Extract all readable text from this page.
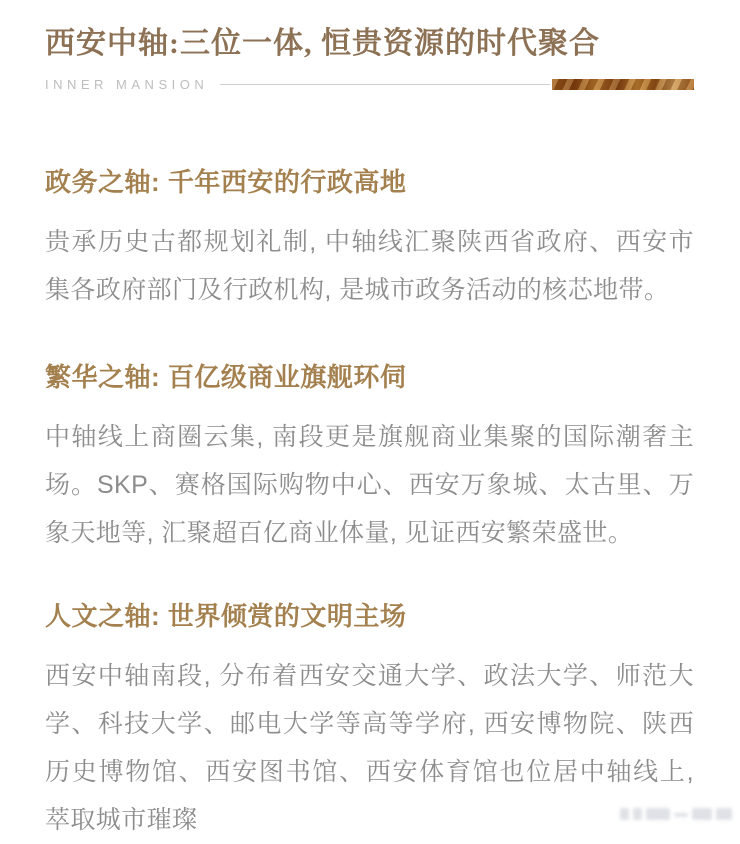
西安中轴:三位一体, 恒贵资源的时代聚合
INNER MANSION
政务之轴: 千年西安的行政高地

贵承历史古都规划礼制, 中轴线汇聚陕西省政府、西安市集各政府部门及行政机构, 是城市政务活动的核芯地带。

繁华之轴: 百亿级商业旗舰环伺

中轴线上商圈云集, 南段更是旗舰商业集聚的国际潮奢主场。SKP、赛格国际购物中心、西安万象城、太古里、万象天地等, 汇聚超百亿商业体量, 见证西安繁荣盛世。

人文之轴: 世界倾赏的文明主场

西安中轴南段, 分布着西安交通大学、政法大学、师范大学、科技大学、邮电大学等高等学府, 西安博物院、陕西历史博物馆、西安图书馆、西安体育馆也位居中轴线上, 萃取城市璀璨
